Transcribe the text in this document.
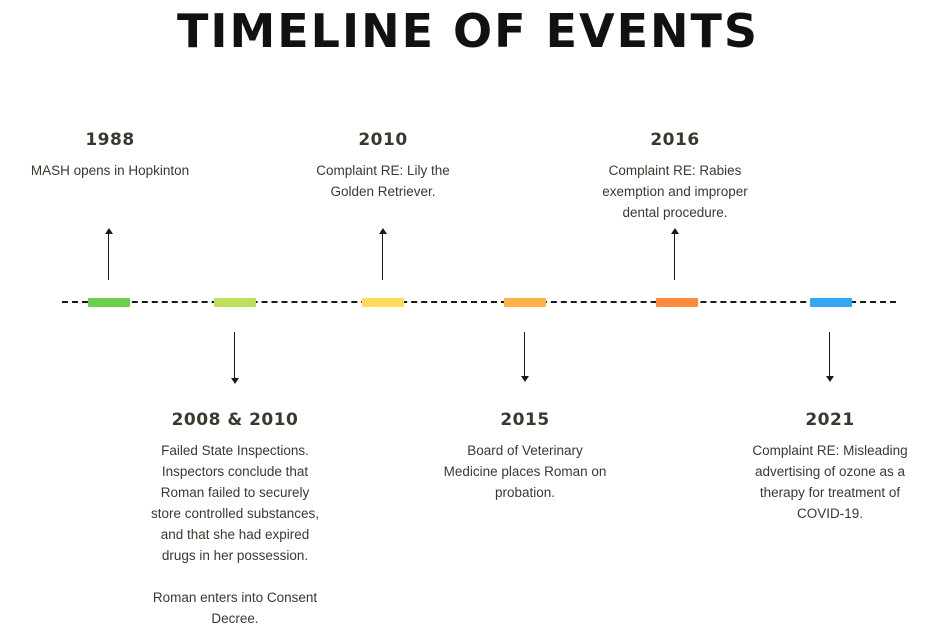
TIMELINE OF EVENTS
1988

MASH opens in Hopkinton

2008 & 2010

Failed State Inspections.

Inspectors conclude that

Roman failed to securely

store controlled substances,

and that she had expired

drugs in her possession.

Roman enters into Consent

Decree.

2010

Complaint RE: Lily the

Golden Retriever.

2015

Board of Veterinary

Medicine places Roman on

probation.

2016

Complaint RE: Rabies

exemption and improper

dental procedure.

2021

Complaint RE: Misleading

advertising of ozone as a

therapy for treatment of

COVID-19.
